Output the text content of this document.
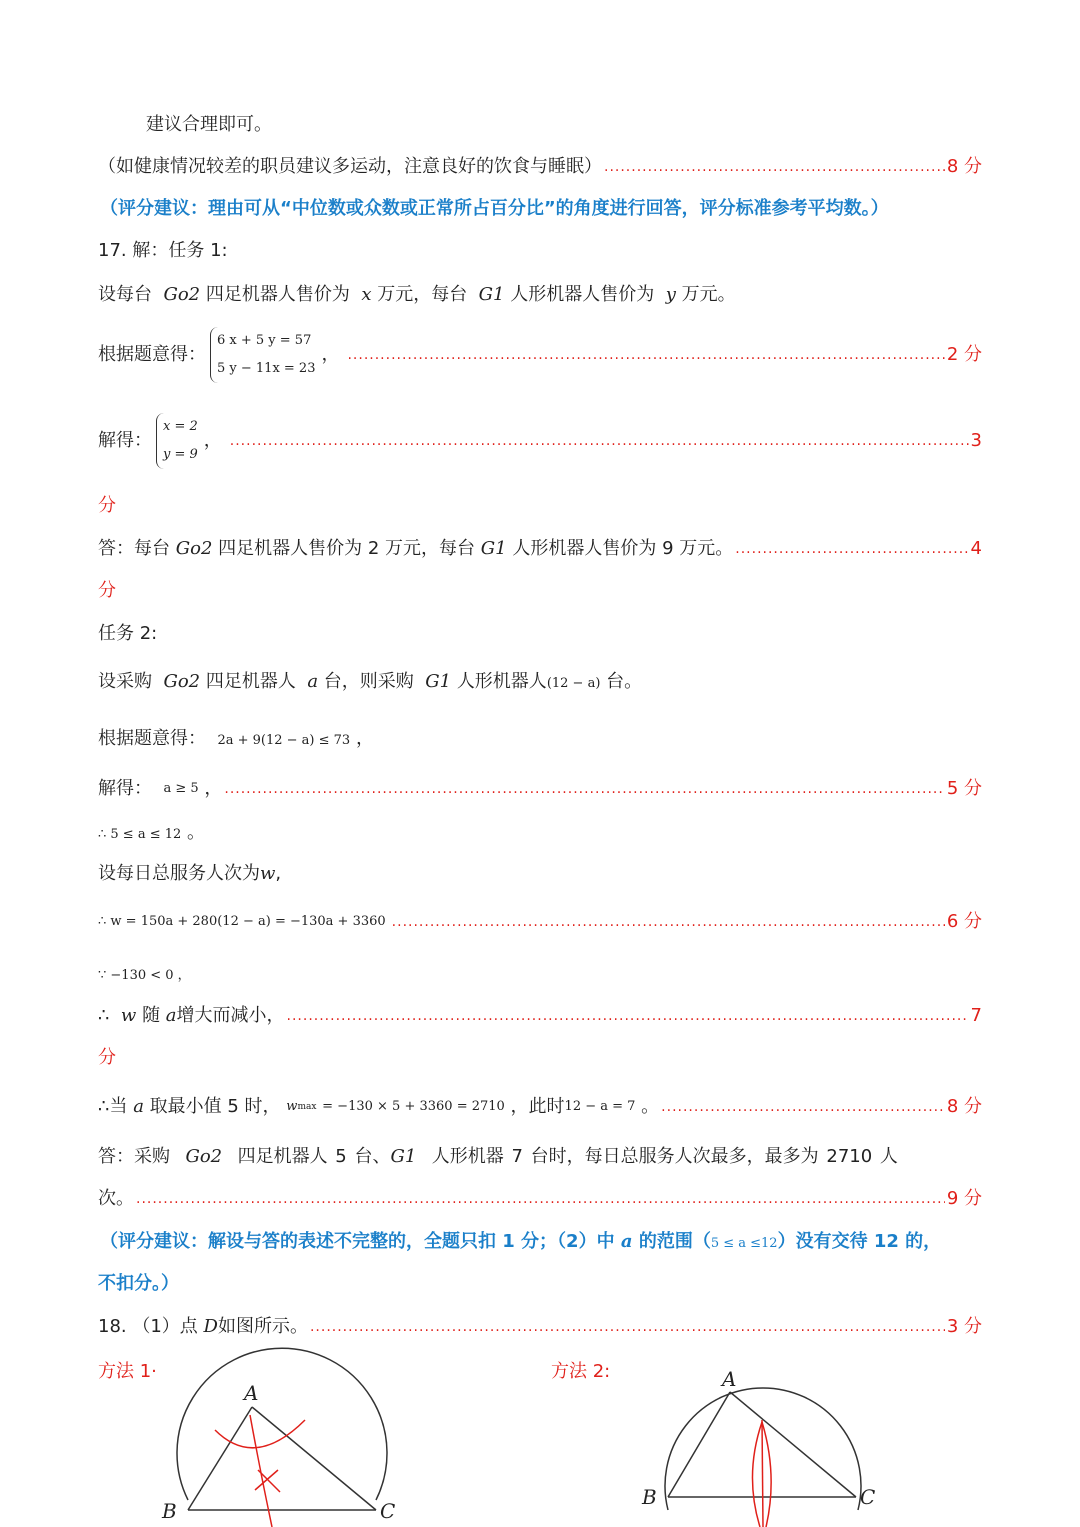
建议合理即可。
（如健康情况较差的职员建议多运动，注意良好的饮食与睡眠） .....	8 分
（评分建议：理由可从“中位数或众数或正常所占百分比”的角度进行回答，评分标准参考平均数。）
17. 解：任务 1:
设每台 Go2 四足机器人售价为 x 万元，每台 G1 人形机器人售价为 y 万元。
根据题意得：
6 x + 5 y = 57
5 y − 11x = 23
， .....	2 分
解得：
x = 2
y = 9
， .....	3
分
答：每台
Go2
四足机器人售价为 2 万元，每台
G1
人形机器人售价为 9 万元。 .....	4
分
任务 2:
设采购 Go2 四足机器人 a 台，则采购 G1 人形机器人(12 − a) 台。
根据题意得： 2a + 9(12 − a) ≤ 73 ，
解得：
a ≥ 5
， .....	5 分
∴ 5 ≤ a ≤ 12 。
设每日总服务人次为w,
∴ w = 150a + 280(12 − a) = −130a + 3360 .....	6 分
∵ −130 < 0 ，
∴
w
随
a 增大而减小， .....	7
分
∴当
a
取最小值 5 时，
w max
= −130 × 5 + 3360 = 2710
，此时 12 − a = 7
。 .....	8 分
答：采购 Go2 四足机器人 5 台、G1 人形机器 7 台时，每日总服务人次最多，最多为 2710 人
次。 .....	9 分
（评分建议：解设与答的表述不完整的，全题只扣 1 分；（2）中 a 的范围（5 ≤ a ≤12）没有交待 12 的，
不扣分。）
18. （1）点
D 如图所示。 .....	3 分
方法 1·	方法 2:
A
B	C
A
B	C
